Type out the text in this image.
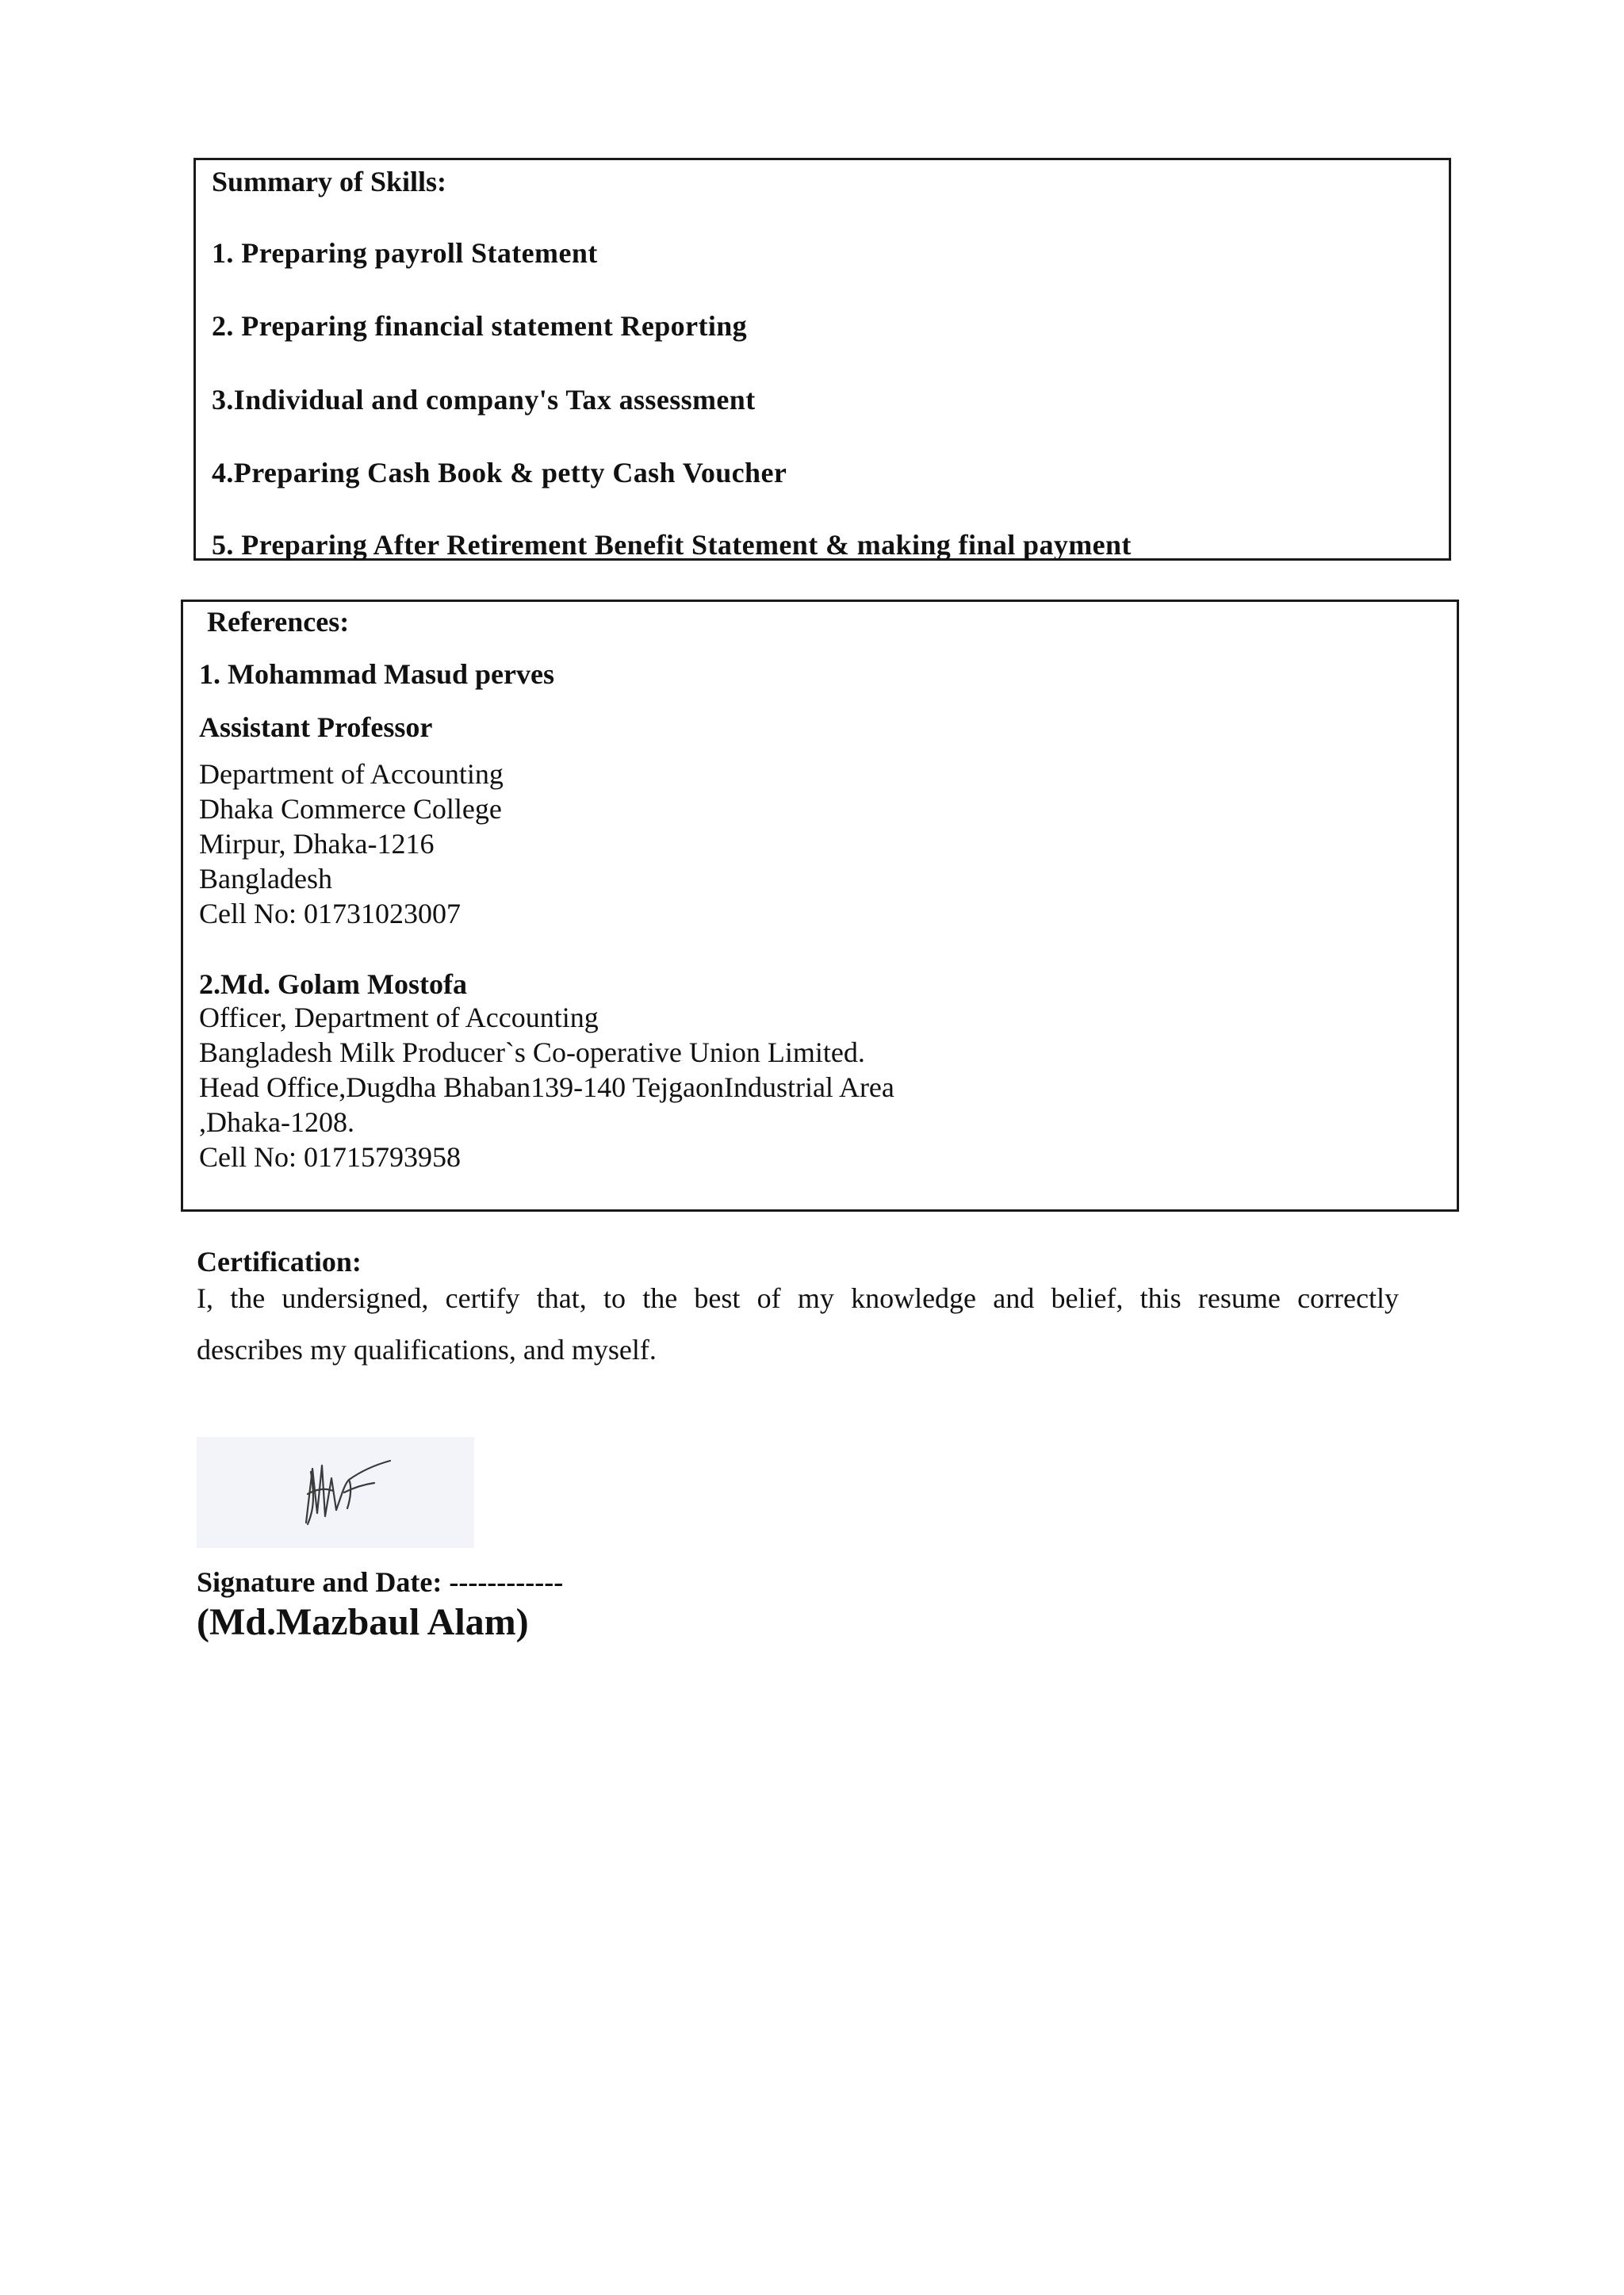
Summary of Skills:
1. Preparing payroll Statement
2. Preparing financial statement Reporting
3.Individual and company's Tax assessment
4.Preparing Cash Book & petty Cash Voucher
5. Preparing After Retirement Benefit Statement & making final payment
References:
1. Mohammad Masud perves
Assistant Professor
Department of Accounting
Dhaka Commerce College
Mirpur, Dhaka-1216
Bangladesh
Cell No: 01731023007
2.Md. Golam Mostofa
Officer, Department of Accounting
Bangladesh Milk Producer`s Co-operative Union Limited.
Head Office,Dugdha Bhaban139-140 TejgaonIndustrial Area
,Dhaka-1208.
Cell No: 01715793958
Certification:
I, the undersigned, certify that, to the best of my knowledge and belief, this resume correctly
describes my qualifications, and myself.
Signature and Date: ------------
(Md.Mazbaul Alam)
